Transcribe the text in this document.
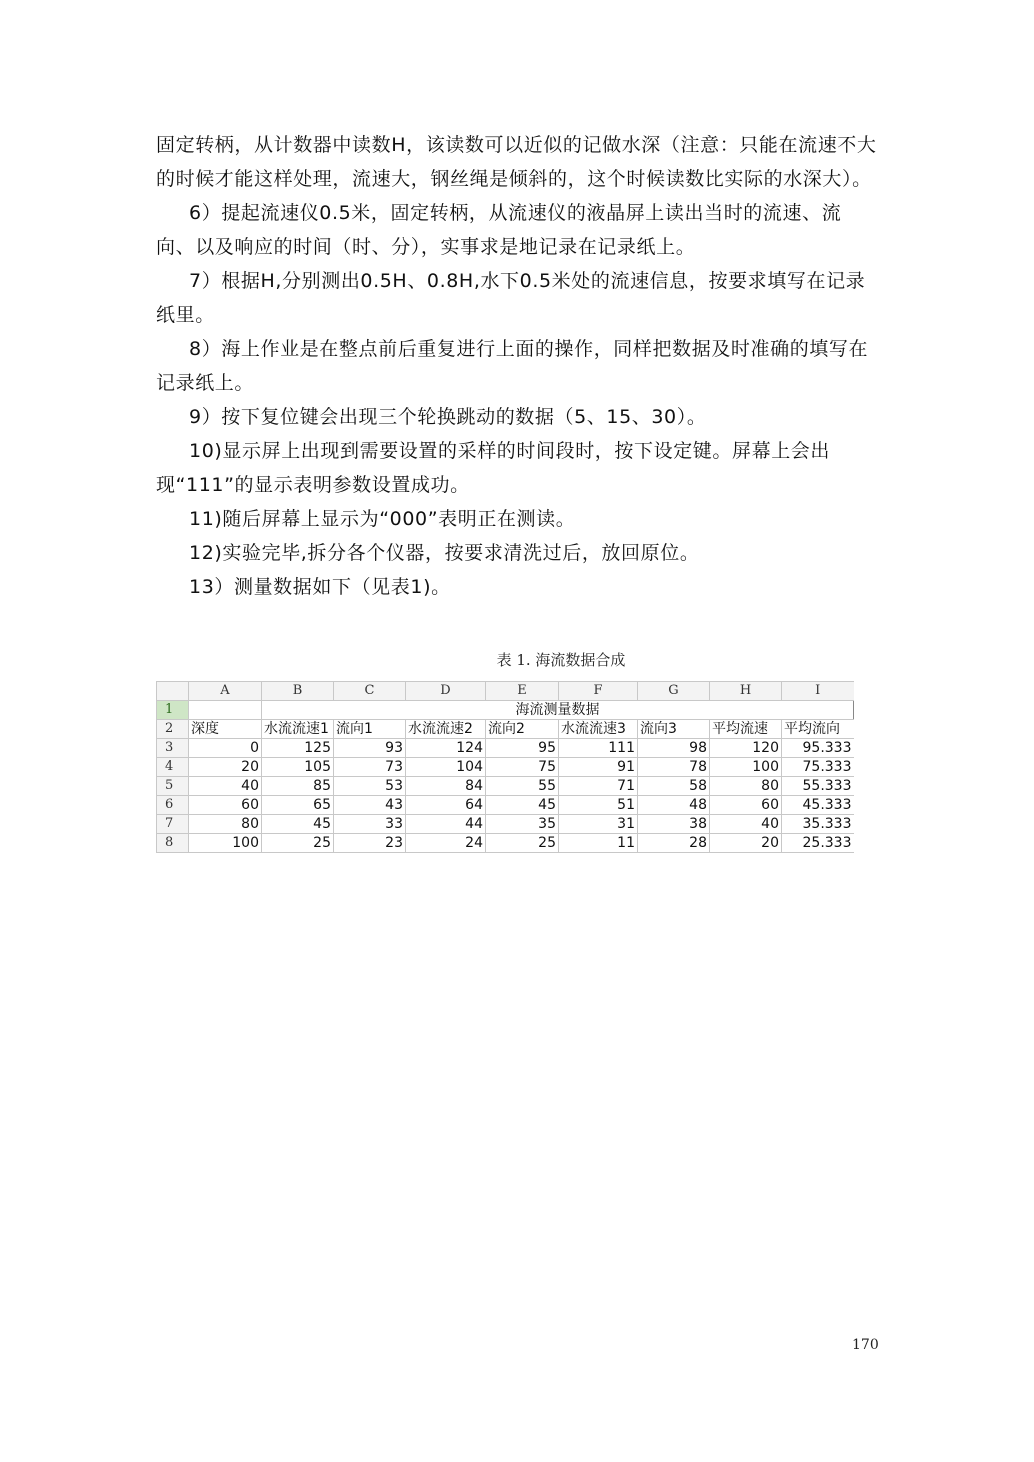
固定转柄，从计数器中读数H，该读数可以近似的记做水深（注意：只能在流速不大的时候才能这样处理，流速大，钢丝绳是倾斜的，这个时候读数比实际的水深大）。

6）提起流速仪0.5米，固定转柄，从流速仪的液晶屏上读出当时的流速、流向、以及响应的时间（时、分），实事求是地记录在记录纸上。

7）根据H,分别测出0.5H、0.8H,水下0.5米处的流速信息，按要求填写在记录纸里。

8）海上作业是在整点前后重复进行上面的操作，同样把数据及时准确的填写在记录纸上。

9）按下复位键会出现三个轮换跳动的数据（5、15、30）。

10)显示屏上出现到需要设置的采样的时间段时，按下设定键。屏幕上会出现“111”的显示表明参数设置成功。

11)随后屏幕上显示为“000”表明正在测读。

12)实验完毕,拆分各个仪器，按要求清洗过后，放回原位。

13）测量数据如下（见表1)。

表 1. 海流数据合成
	A	B	C	D	E	F	G	H	I
1		海流测量数据							
2	深度	水流流速1	流向1	水流流速2	流向2	水流流速3	流向3	平均流速	平均流向
3	0	125	93	124	95	111	98	120	95.333
4	20	105	73	104	75	91	78	100	75.333
5	40	85	53	84	55	71	58	80	55.333
6	60	65	43	64	45	51	48	60	45.333
7	80	45	33	44	35	31	38	40	35.333
8	100	25	23	24	25	11	28	20	25.333
170
